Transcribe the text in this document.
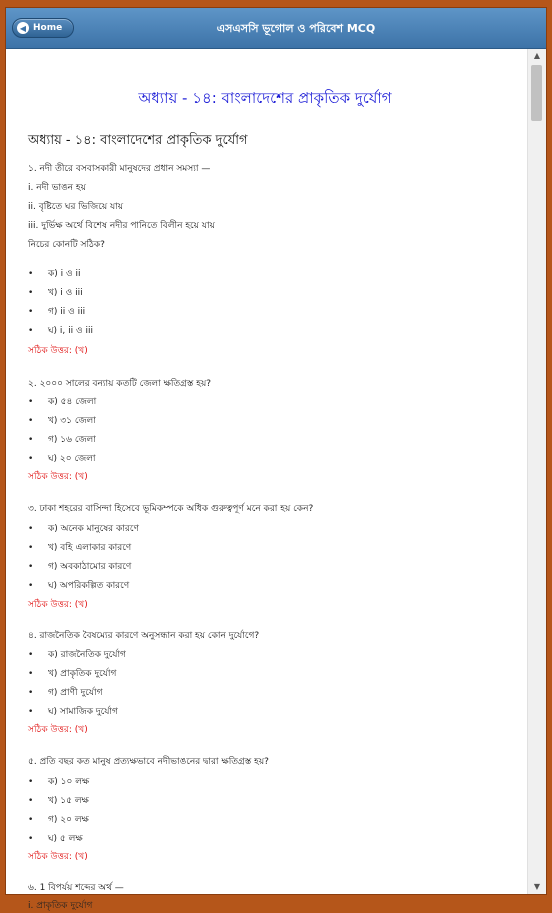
◀ Home	এসএসসি ভূগোল ও পরিবেশ MCQ
অধ্যায় - ১৪: বাংলাদেশের প্রাকৃতিক দুর্যোগ
অধ্যায় - ১৪: বাংলাদেশের প্রাকৃতিক দুর্যোগ
১. নদী তীরে বসবাসকারী মানুষদের প্রধান সমস্যা —
i. নদী ভাঙন হয়
ii. বৃষ্টিতে ঘর ভিজিয়ে যায়
iii. দুর্ভিক্ষ অর্থে বিশেষ নদীর পানিতে বিলীন হয়ে যায়
নিচের কোনটি সঠিক?
• ক) i ও ii
• খ) i ও iii
• গ) ii ও iii
• ঘ) i, ii ও iii
সঠিক উত্তর: (খ)
২. ২০০০ সালের বন্যায় কতটি জেলা ক্ষতিগ্রস্ত হয়?
• ক) ৫৪ জেলা
• খ) ৩১ জেলা
• গ) ১৬ জেলা
• ঘ) ২০ জেলা
সঠিক উত্তর: (খ)
৩. ঢাকা শহরের বাসিন্দা হিসেবে ভূমিকম্পকে অধিক গুরুত্বপূর্ণ মনে করা হয় কেন?
• ক) অনেক মানুষের কারণে
• খ) বহি এলাকার কারণে
• গ) অবকাঠামোর কারণে
• ঘ) অপরিকল্পিত কারণে
সঠিক উত্তর: (খ)
৪. রাজনৈতিক বৈষম্যের কারণে অনুসন্ধান করা হয় কোন দুর্যোগে?
• ক) রাজনৈতিক দুর্যোগ
• খ) প্রাকৃতিক দুর্যোগ
• গ) প্রাণী দুর্যোগ
• ঘ) সামাজিক দুর্যোগ
সঠিক উত্তর: (খ)
৫. প্রতি বছর কত মানুষ প্রত্যক্ষভাবে নদীভাঙনের দ্বারা ক্ষতিগ্রস্ত হয়?
• ক) ১০ লক্ষ
• খ) ১৫ লক্ষ
• গ) ২০ লক্ষ
• ঘ) ৫ লক্ষ
সঠিক উত্তর: (খ)
৬. 1 বিপর্যয় শব্দের অর্থ —
i. প্রাকৃতিক দুর্যোগ
▲
▼
